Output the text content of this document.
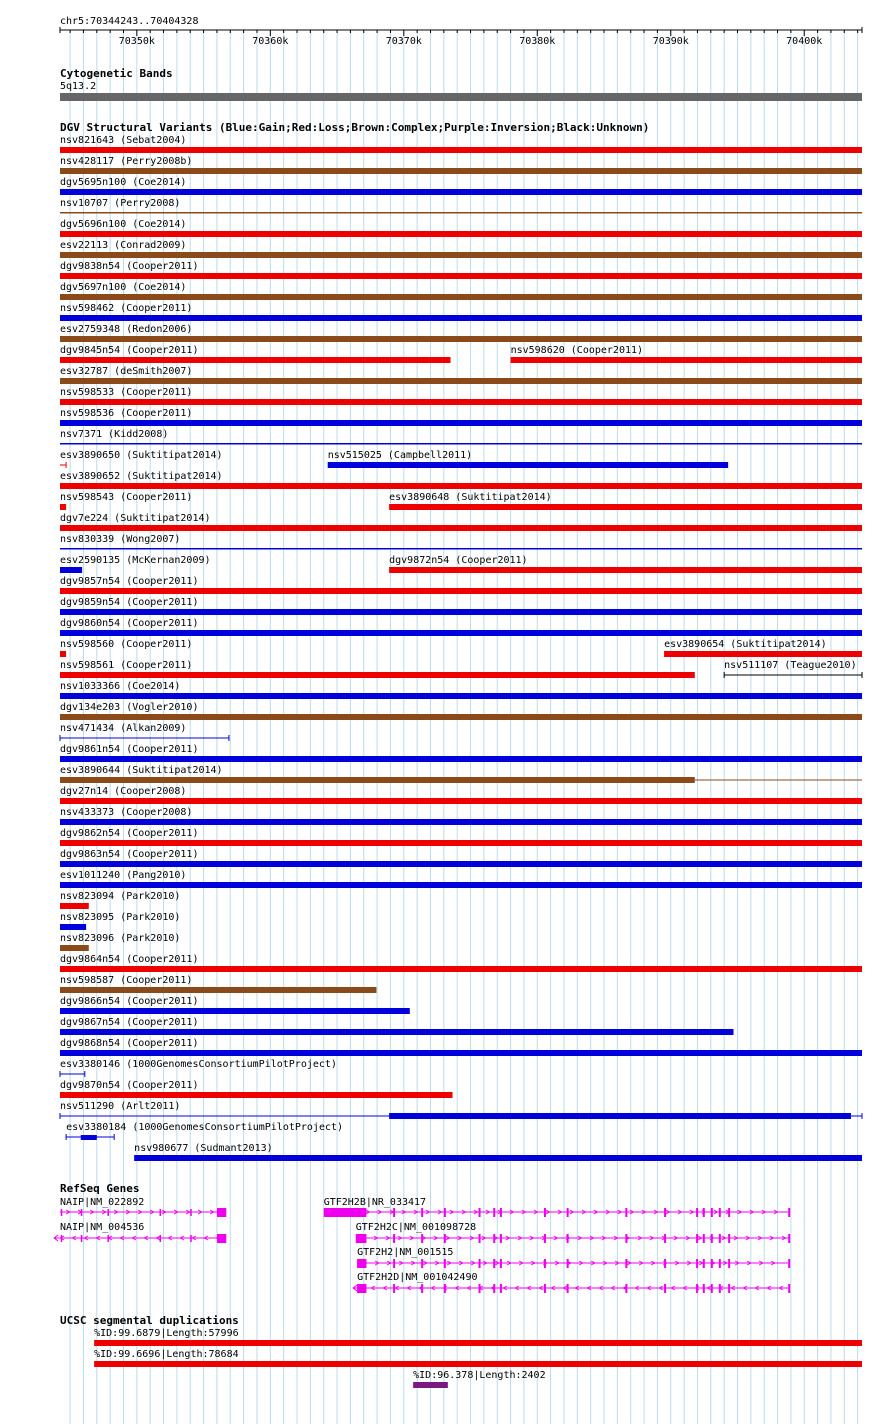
chr5:70344243..70404328
70350k	70360k	70370k	70380k	70390k	70400k
Cytogenetic Bands
5q13.2
DGV Structural Variants (Blue:Gain;Red:Loss;Brown:Complex;Purple:Inversion;Black:Unknown)
nsv821643 (Sebat2004)
nsv428117 (Perry2008b)
dgv5695n100 (Coe2014)
nsv10707 (Perry2008)
dgv5696n100 (Coe2014)
esv22113 (Conrad2009)
dgv9838n54 (Cooper2011)
dgv5697n100 (Coe2014)
nsv598462 (Cooper2011)
esv2759348 (Redon2006)
dgv9845n54 (Cooper2011)	nsv598620 (Cooper2011)
esv32787 (deSmith2007)
nsv598533 (Cooper2011)
nsv598536 (Cooper2011)
nsv7371 (Kidd2008)
esv3890650 (Suktitipat2014)	nsv515025 (Campbell2011)
esv3890652 (Suktitipat2014)
nsv598543 (Cooper2011)	esv3890648 (Suktitipat2014)
dgv7e224 (Suktitipat2014)
nsv830339 (Wong2007)
esv2590135 (McKernan2009)	dgv9872n54 (Cooper2011)
dgv9857n54 (Cooper2011)
dgv9859n54 (Cooper2011)
dgv9860n54 (Cooper2011)
nsv598560 (Cooper2011)	esv3890654 (Suktitipat2014)
nsv598561 (Cooper2011)	nsv511107 (Teague2010)
nsv1033366 (Coe2014)
dgv134e203 (Vogler2010)
nsv471434 (Alkan2009)
dgv9861n54 (Cooper2011)
esv3890644 (Suktitipat2014)
dgv27n14 (Cooper2008)
nsv433373 (Cooper2008)
dgv9862n54 (Cooper2011)
dgv9863n54 (Cooper2011)
esv1011240 (Pang2010)
nsv823094 (Park2010)
nsv823095 (Park2010)
nsv823096 (Park2010)
dgv9864n54 (Cooper2011)
nsv598587 (Cooper2011)
dgv9866n54 (Cooper2011)
dgv9867n54 (Cooper2011)
dgv9868n54 (Cooper2011)
esv3380146 (1000GenomesConsortiumPilotProject)
dgv9870n54 (Cooper2011)
nsv511290 (Arlt2011)
esv3380184 (1000GenomesConsortiumPilotProject)
nsv980677 (Sudmant2013)
RefSeq Genes
NAIP|NM_022892	GTF2H2B|NR_033417
NAIP|NM_004536	GTF2H2C|NM_001098728
GTF2H2|NM_001515
GTF2H2D|NM_001042490
UCSC segmental duplications
%ID:99.6879|Length:57996
%ID:99.6696|Length:78684
%ID:96.378|Length:2402
